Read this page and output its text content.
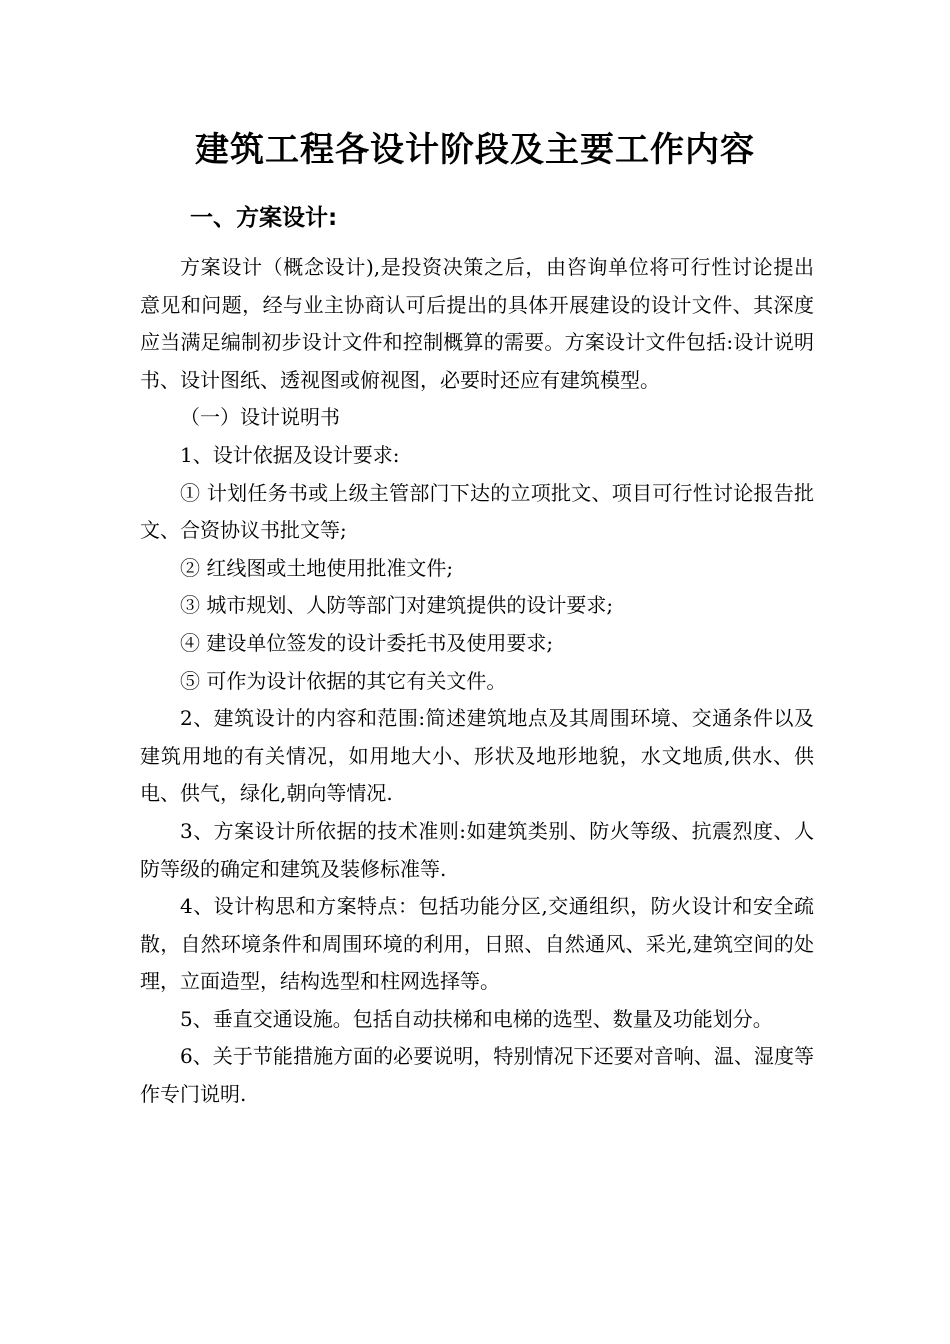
建筑工程各设计阶段及主要工作内容
一、方案设计:

方案设计（概念设计),是投资决策之后，由咨询单位将可行性讨论提出意见和问题，经与业主协商认可后提出的具体开展建设的设计文件、其深度应当满足编制初步设计文件和控制概算的需要。方案设计文件包括:设计说明书、设计图纸、透视图或俯视图，必要时还应有建筑模型。

（一）设计说明书

1、设计依据及设计要求:

① 计划任务书或上级主管部门下达的立项批文、项目可行性讨论报告批文、合资协议书批文等;

② 红线图或土地使用批准文件;

③ 城市规划、人防等部门对建筑提供的设计要求;

④ 建设单位签发的设计委托书及使用要求;

⑤ 可作为设计依据的其它有关文件。

2、建筑设计的内容和范围:简述建筑地点及其周围环境、交通条件以及建筑用地的有关情况，如用地大小、形状及地形地貌，水文地质,供水、供电、供气，绿化,朝向等情况.

3、方案设计所依据的技术准则:如建筑类别、防火等级、抗震烈度、人防等级的确定和建筑及装修标准等.

4、设计构思和方案特点：包括功能分区,交通组织，防火设计和安全疏散，自然环境条件和周围环境的利用，日照、自然通风、采光,建筑空间的处理，立面造型，结构选型和柱网选择等。

5、垂直交通设施。包括自动扶梯和电梯的选型、数量及功能划分。

6、关于节能措施方面的必要说明，特别情况下还要对音响、温、湿度等作专门说明.
